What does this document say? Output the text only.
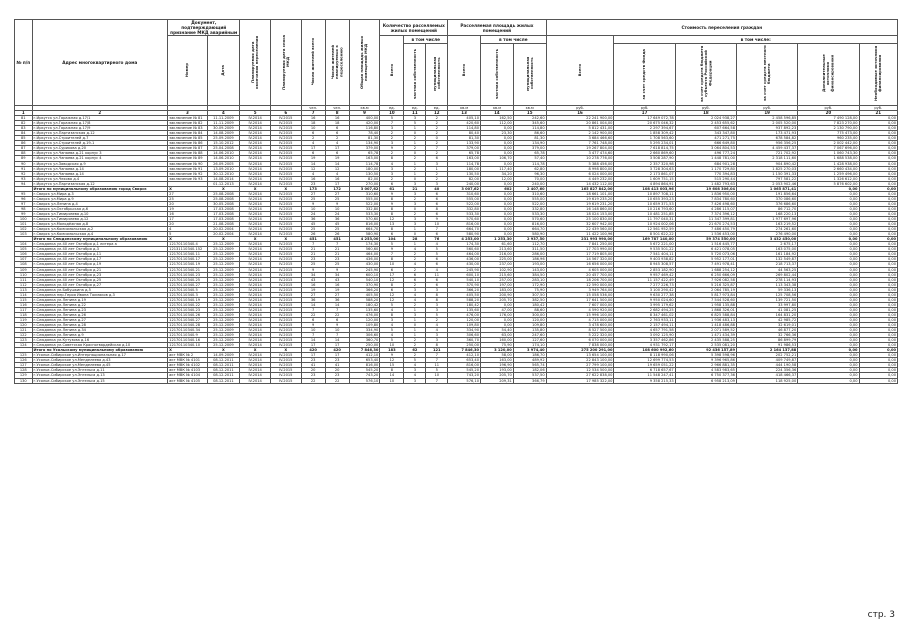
№ п/п	Адрес многоквартирного дома	Документ, подтверждающий признание МКД аварийным		Планируемая дата окончания переселения	Планируемая дата сноса МКД	Число жителей всего	Число жителей планируемых к переселению	Общая площадь жилых помещений МКД	Количество расселяемых жилых помещений			Расселяемая площадь жилых помещений			Стоимость переселения граждан					
		Номер	Дата						Всего	в том числе		Всего	в том числе		Всего	в том числе:				
										частная собственность	муниципальная собственность		частная собственность	муниципальная собственность		за счет средств Фонда	за счет средств бюджета субъекта Российской Федерации	за счет средств местного бюджета	Дополнительные источники финансирования	Необходимые источники финансирования
						чел.	чел.	кв.м	ед.	ед.	ед.	кв.м	кв.м	кв.м	руб.	руб.	руб.	руб.	руб.	руб.
1	2	3	4	5	6	7	8	9	10	11	12	13	14	15	16	17	18	19	20	21
81	г.Иркутск ул.Гаражная д.17/1	заключение № 81	11.11.2009	IV.2014	IV.2015	16	16	400,00	5	3	2	405,10	162,50	242,60	22 241 900,00	17 649 072,78	2 024 938,27	2 458 596,85	7 490 128,00	0,00
82	г.Иркутск ул.Гаражная д.17/8	заключение № 82	11.11.2009	IV.2014	IV.2015	18	18	420,00	7	5	2	420,60	112,00	345,60	20 861 004,00	20 675 046,32	2 453 655,62	2 005 520,00	7 823 270,00	0,00
83	г.Иркутск ул.Гаражная д.17/9	заключение № 83	30.09.2009	IV.2014	IV.2015	10	6	116,80	3	1	2	114,80	0,00	114,80	5 812 431,00	2 297 394,67	607 664,58	937 892,23	2 130 790,00	0,00
84	г.Иркутск ул.Партизанская д.12	заключение № 84	14.08.2009	IV.2014	IV.2015	6	6	78,40	2	0	2	80,40	23,30	86,60	2 142 900,00	1 858 309,42	343 347,80	173 471,93	775 473,00	0,00
85	г.Иркутск ул.Строителей д.7	заключение № 85	25.09.2009	IV.2014	IV.2015	2	2	81,30	2	2	0	81,30	0,00	81,30	3 684 466,60	1 708 563,60	471 271,75	678 584,82	960 235,00	0,00
86	г.Иркутск ул.Строителей д.19-1	заключение № 86	15.10.2012	IV.2014	IV.2015	4	4	134,90	3	1	2	133,90	0,00	134,90	7 761 748,00	5 295 234,01	666 649,80	956 356,25	2 002 442,00	0,00
87	г.Иркутск ул.Сурикова д.20	заключение № 87	25.04.2008	IV.2014	IV.2015	17	17	379,00	9	2	7	379,00	0,00	379,00	19 267 804,00	7 618 814,75	3 064 804,53	4 459 437,37	7 067 696,00	0,00
88	г.Иркутск ул.Чапаева д.21 корпус 3	заключение № 88	14.06.2010	IV.2014	IV.2015	6	6	65,78	2	0	2	65,78	0,00	65,78	3 477 474,60	2 660 869,60	496 777,24	721 702,92	1 060 743,30	0,00
89	г.Иркутск ул.Чапаева д.21 корпус 4	заключение № 89	14.06.2010	IV.2014	IV.2015	19	19	163,00	8	2	6	163,00	106,70	57,40	10 278 776,00	3 508 287,90	1 448 781,00	2 318 111,60	1 688 538,00	0,00
90	г.Иркутск ул.Заводская д.9	заключение № 90	26.09.2005	IV.2014	IV.2015	14	14	114,78	4	1	3	114,78	0,00	114,78	5 388 456,00	2 357 320,98	684 901,28	904 890,42	1 428 938,00	0,00
91	г.Иркутск ул.Чапаева д.14	заключение № 91	13.09.2010	IV.2014	IV.2015	12	12	180,00	3	2	1	180,00	117,40	62,80	8 998 800,00	3 728 304,63	1 170 729,80	1 825 270,03	2 660 434,00	0,00
92	г.Иркутск ул.Чапаева д.14	заключение № 92	30.12.2010	IV.2014	IV.2015	4	4	130,50	3	1	2	130,50	34,20	96,30	6 024 000,00	2 173 861,07	770 394,83	1 150 391,33	1 259 496,00	0,00
93	г.Иркутск ул.Чехова д.4	заключение № 93	14.08.2014	IV.2014	IV.2015	16	16	82,00	2	0	2	82,00	12,00	70,00	4 449 232,00	1 609 751,15	515 290,44	797 581,22	1 326 612,00	0,00
94	г.Иркутск ул.Партизанская д.12		01.12.2013	IV.2014	IV.2015	23	17	270,00	6	3	3	240,00	0,00	240,00	14 432 112,00	4 894 864,91	1 482 793,63	2 053 902,46	5 876 602,00	0,00
	Итого по муниципальному образованию город Свирск	Х	Х	Х	Х	173	172	3 007,62	61	21	40	3 007,62	602	2 407,60	165 827 842,00	108 413 003,96	19 608 306,04	1 065 871,41	0,00	0,00
95	г.Свирск ул.Мира д.3	27	25.08.2008	IV.2014	IV.2015	27	27	310,60	9	3	6	310,60	0,00	310,60	18 661 101,00	10 897 708,11	1 836 950,00	191 856,64	0,00	0,00
96	г.Свирск ул.Мира д.9	25	25.08.2008	IV.2014	IV.2015	25	25	555,00	8	2	6	555,00	0,00	555,00	19 619 235,20	10 655 393,23	7 834 780,60	370 086,60	0,00	0,00
97	г.Свирск ул.Ленина д.4	20	30.05.2008	IV.2014	IV.2015	9	9	522,00	9	3	6	522,00	0,00	522,00	19 619 231,20	10 659 371,53	7 426 498,60	376 686,60	0,00	0,00
98	г.Свирск ул.Октябрьская д.6	19	17.03.2008	IV.2014	IV.2015	10	10	332,80	8	0	8	332,80	0,00	332,80	16 148 860,00	10 216 793,60	4 286 115,07	86 712,70	0,00	0,00
99	г.Свирск ул.Тимирязева д.10	16	17.03.2008	IV.2014	IV.2015	24	24	533,30	8	2	6	533,30	0,00	533,30	18 024 153,00	10 481 251,85	7 374 396,12	168 220,13	0,00	0,00
100	г.Свирск ул.Тимирязева д.12	17	17.03.2008	IV.2014	IV.2015	36	36	570,60	12	3	9	570,60	0,00	570,60	25 100 830,00	11 797 040,31	11 347 399,81	1 977 697,96	0,00	0,00
101	г.Свирск ул.Молодёжная д.8	20	21.08.2008	IV.2014	IV.2015	45	45	816,00	13	3	10	816,00	0,00	816,00	32 607 942,00	10 924 002,06	21 670 274,53	163 219,52	0,00	0,00
102	г.Свирск ул.Комсомольская д.2	4	20.02.2004	IV.2014	IV.2015	25	25	664,70	8	1	7	664,70	0,00	664,70	22 439 560,00	12 561 952,59	7 486 450,79	274 261,60	0,00	0,00
103	г.Свирск ул.Комсомольская д.4	5	20.02.2004	IV.2014	IV.2015	26	26	580,90	6	0	6	580,90	0,00	580,90	11 422 100,96	8 501 622,22	1 536 453,00	276 490,00	0,00	0,00
	Итого по Слюдянскому муниципальному образованию	Х	Х	Х	Х	451	451	4 253,00	104	28	76	4 253,00	1 253,30	2 937,50	231 993 990,00	169 787 140,00	59 374 550,00	3 432 450,00	0,00	0,00
104	г.Слюдянка ул.40 лет Октября д.1 литера а	12170110340.4	25.12.2009	IV.2014	IV.2015	7	7	174,30	5	1	4	174,30	61,60	112,70	7 841 250,00	5 672 221,00	1 516 445,77	2 675,17	0,00	0,00
105	г.Слюдянка ул.40 лет Октября д.3	12131110340.152	25.12.2009	IV.2014	IV.2015	21	21	560,60	9	4	5	560,60	213,60	311,50	17 703 990,00	9 535 501,22	6 421 078,05	163 075,00	0,00	0,00
106	г.Слюдянка ул.40 лет Октября д.11	12170110340.11	25.12.2009	IV.2014	IV.2015	21	21	464,00	7	2	5	464,00	216,00	286,00	17 719 805,00	7 541 404,11	5 720 073,06	161 184,92	0,00	0,00
107	г.Слюдянка ул.40 лет Октября д.17	12170110340.17	25.12.2009	IV.2014	IV.2015	23	23	436,00	8	2	6	436,00	225,00	186,96	14 567 320,00	9 403 938,82	5 952 177,01	132 549,87	0,00	0,00
108	г.Слюдянка ул.40 лет Октября д.19	12170110340.19	25.12.2009	IV.2014	IV.2015	25	25	430,00	10	4	6	430,00	237,00	193,00	16 656 000,00	8 945 308,57	7 491 978,41	218 713,37	0,00	0,00
109	г.Слюдянка ул.40 лет Октября д.21	12170110340.21	25.12.2009	IV.2014	IV.2015	9	9	245,90	6	2	4	245,90	102,90	143,00	4 605 000,00	2 853 182,90	1 688 254,12	44 563,25	0,00	0,00
110	г.Слюдянка ул.40 лет Октября д.23	12170110340.23	25.12.2009	IV.2014	IV.2015	34	34	600,10	17	6	11	600,10	215,60	384,50	20 457 700,00	9 957 469,42	6 250 666,09	269 802,44	0,00	0,00
111	г.Слюдянка ул.40 лет Октября д.25	12170110340.25	25.12.2009	IV.2014	IV.2015	43	43	540,10	12	6	6	540,10	257,00	283,10	18 206 700,00	11 157 422,49	7 926 082,58	278 114,93	0,00	0,00
112	г.Слюдянка ул.40 лет Октября д.27	12170110340.27	25.12.2009	IV.2014	IV.2015	16	16	370,90	8	2	6	370,90	197,00	172,90	12 590 000,00	7 277 226,73	5 216 325,87	113 343,38	0,00	0,00
113	г.Слюдянка ул.Бабушкина д.5	12170110340.5	25.12.2009	IV.2014	IV.2015	19	19	366,20	6	3	3	366,20	183,00	75,90	3 949 764,00	3 100 290,42	2 064 785,19	59 336,13	0,00	0,00
114	г.Слюдянка пер.Героя Ивана Токмаков д.3	12170110340.3	25.12.2009	IV.2014	IV.2015	27	27	405,50	12	4	8	405,50	200,90	307,50	15 058 536,00	9 630 277,38	5 817 973,84	125 708,56	0,00	0,00
115	г.Слюдянка ул.Ленина д.19	12170110340.19	25.12.2009	IV.2014	IV.2015	36	36	588,20	12	4	8	588,20	205,70	382,50	17 641 500,00	9 950 024,60	7 544 528,60	139 721,50	0,00	0,00
116	г.Слюдянка ул.Ленина д.22	12170110340.22	25.12.2009	IV.2014	IV.2015	14	14	180,42	5	2	3	180,42	0,00	180,42	7 607 000,00	3 995 179,62	1 958 135,88	33 997,80	0,00	0,00
117	г.Слюдянка ул.Ленина д.23	12170110340.23	25.12.2009	IV.2014	IV.2015	7	7	135,60	4	1	3	135,60	47,00	88,60	4 590 920,00	2 682 494,25	1 868 326,01	41 081,25	0,00	0,00
118	г.Слюдянка ул.Ленина д.26	12170110340.26	25.12.2009	IV.2014	IV.2015	22	22	476,00	8	3	5	476,00	176,00	300,00	15 996 100,00	8 347 461,02	6 825 588,84	164 831,20	0,00	0,00
119	г.Слюдянка ул.Ленина д.27	12170110340.27	25.12.2009	IV.2014	IV.2015	6	6	120,00	3	1	2	120,00	0,00	120,00	4 715 000,00	2 763 933,11	1 936 483,13	42 985,72	0,00	0,00
120	г.Слюдянка ул.Ленина д.28	12170110340.28	25.12.2009	IV.2014	IV.2015	9	9	109,80	4	0	4	109,80	0,00	109,80	3 478 600,00	2 157 494,11	1 418 486,88	32 619,01	0,00	0,00
121	г.Слюдянка ул.Ленина д.34	12170110340.34	25.12.2009	IV.2014	IV.2015	10	10	334,90	5	1	4	334,90	54,40	135,80	8 527 500,00	4 657 791,58	2 071 589,52	46 877,20	0,00	0,00
122	г.Слюдянка ул.Ленина д.9	12170110340.9	25.12.2009	IV.2014	IV.2015	7	7	306,60	4	1	3	306,60	63,00	247,60	5 222 320,00	3 092 125,90	1 471 434,39	32 766,36	0,00	0,00
123	г.Слюдянка ул.Кутузова д.16	12170110340.16	25.12.2009	IV.2014	IV.2015	14	14	360,70	5	2	3	360,70	160,00	127,60	6 070 000,00	3 357 462,86	2 435 588,25	86 899,79	0,00	0,00
124	г.Слюдянка ул.Советская Красногвардейская д.10	12170110340.10	25.12.2009	IV.2014	IV.2015	17	17	250,00	10	2	8	250,00	75,90	174,10	7 838 000,00	4 931 792,17	2 535 081,20	91 986,53	0,00	0,00
	Итого по Усольскому муниципальному образованию	Х	Х	Х	Х	420	420	7 846,30	183	62	121	7 846,30	3 120,00	3 974,40	275 200 291,00	108 600 992,60	92 436 157,89	2 164 137,88	0,00	0,00
125	г.Усолье-Сибирское ул.Интернациональная д.17	акт МВК № 2	14.09.2009	IV.2014	IV.2015	17	17	412,10	9	2	7	412,10	58,00	186,70	13 654 100,00	8 118 990,06	5 398 598,96	202 752,21	0,00	0,00
126	г.Усолье-Сибирское ул.Менделеева д.43	акт МВК № 4101	08.12.2011	IV.2014	IV.2015	23	23	653,40	12	5	7	653,40	163,00	489,92	22 843 100,00	12 699 774,53	9 396 965,86	409 749,87	0,00	0,00
127	г.Усолье-Сибирское ул.Менделеева д.45	акт МВК № 4102	08.12.2011	IV.2014	IV.2015	41	41	816,00	15	4	11	816,00	196,90	565,74	27 799 100,00	19 659 051,22	2 966 881,35	444 190,58	0,00	0,00
128	г.Усолье-Сибирское ул.Энгельса д.11	акт МВК № 4103	08.12.2011	IV.2014	IV.2015	20	20	545,20	8	3	5	545,20	193,00	182,06	12 534 500,00	6 718 657,67	4 583 983,65	224 356,36	0,00	0,00
129	г.Усолье-Сибирское ул.Энгельса д.13	акт МВК № 4104	08.12.2011	IV.2014	IV.2015	23	23	743,20	14	4	10	743,20	205,70	537,50	27 622 838,00	11 548 247,41	6 750 377,36	418 466,37	0,00	0,00
130	г.Усолье-Сибирское ул.Энгельса д.15	акт МВК № 4105	08.12.2011	IV.2014	IV.2015	22	22	576,10	10	3	7	576,10	209,31	366,79	17 985 322,00	9 358 215,33	6 958 213,09	118 925,00	0,00	0,00
стр. 3
